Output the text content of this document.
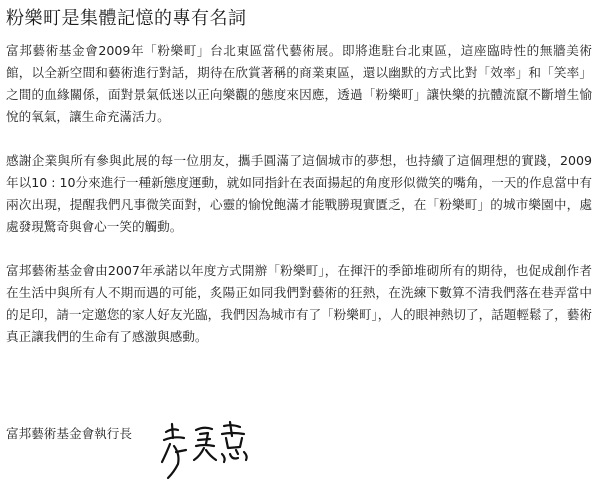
粉樂町是集體記憶的專有名詞

富邦藝術基金會2009年「粉樂町」台北東區當代藝術展。即將進駐台北東區，這座臨時性的無牆美術館，以全新空間和藝術進行對話，期待在欣賞著稱的商業東區，還以幽默的方式比對「效率」和「笑率」之間的血緣關係，面對景氣低迷以正向樂觀的態度來因應，透過「粉樂町」讓快樂的抗體流竄不斷增生愉悅的氧氣，讓生命充滿活力。

感謝企業與所有參與此展的每一位朋友，攜手圓滿了這個城市的夢想，也持續了這個理想的實踐，2009年以10 : 10分來進行一種新態度運動，就如同指針在表面揚起的角度形似微笑的嘴角，一天的作息當中有兩次出現，提醒我們凡事微笑面對，心靈的愉悅飽滿才能戰勝現實匱乏，在「粉樂町」的城市樂園中，處處發現驚奇與會心一笑的觸動。

富邦藝術基金會由2007年承諾以年度方式開辦「粉樂町」，在揮汗的季節堆砌所有的期待，也促成創作者在生活中與所有人不期而遇的可能，炙陽正如同我們對藝術的狂熱，在洗練下數算不清我們落在巷弄當中的足印，請一定邀您的家人好友光臨，我們因為城市有了「粉樂町」，人的眼神熱切了，話題輕鬆了，藝術真正讓我們的生命有了感激與感動。

富邦藝術基金會執行長
